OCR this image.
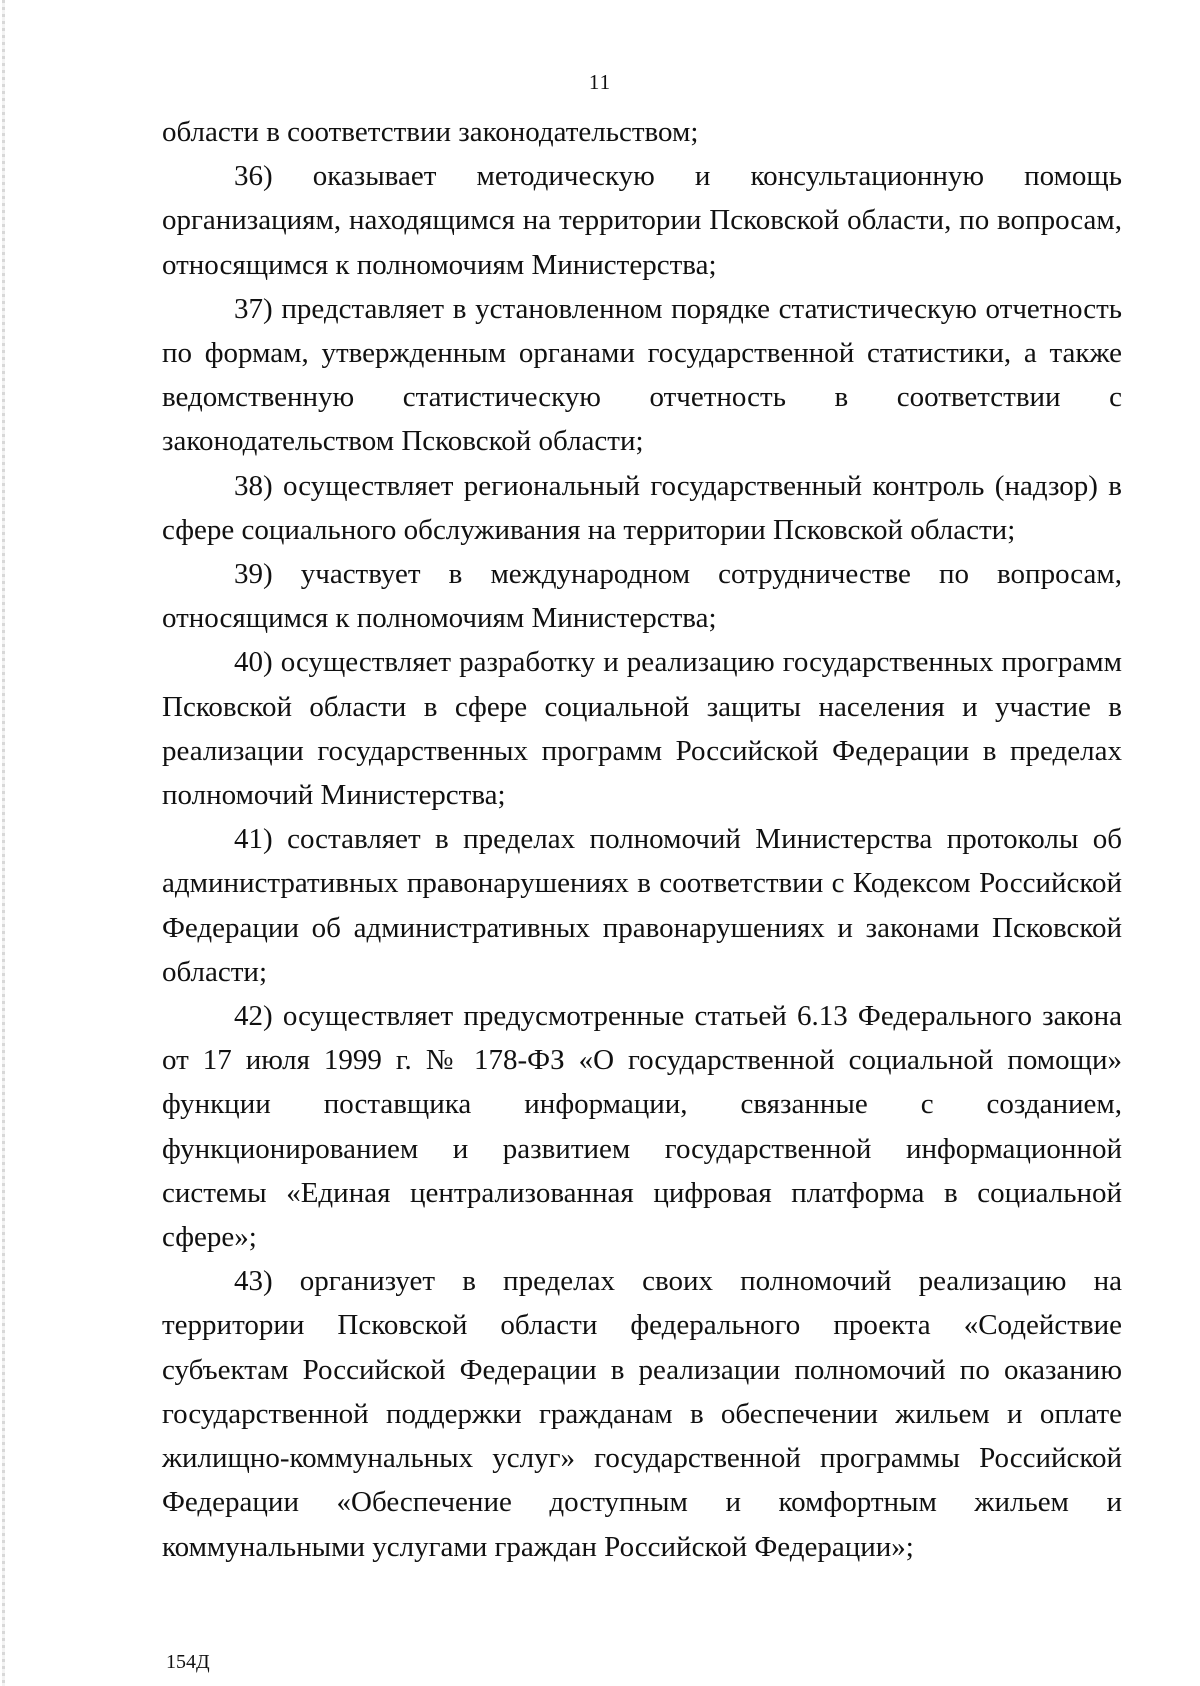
11

области в соответствии законодательством;

36) оказывает методическую и консультационную помощь организациям, находящимся на территории Псковской области, по вопросам, относящимся к полномочиям Министерства;

37) представляет в установленном порядке статистическую отчетность по формам, утвержденным органами государственной статистики, а также ведомственную статистическую отчетность в соответствии с законодательством Псковской области;

38) осуществляет региональный государственный контроль (надзор) в сфере социального обслуживания на территории Псковской области;

39) участвует в международном сотрудничестве по вопросам, относящимся к полномочиям Министерства;

40) осуществляет разработку и реализацию государственных программ Псковской области в сфере социальной защиты населения и участие в реализации государственных программ Российской Федерации в пределах полномочий Министерства;

41) составляет в пределах полномочий Министерства протоколы об административных правонарушениях в соответствии с Кодексом Российской Федерации об административных правонарушениях и законами Псковской области;

42) осуществляет предусмотренные статьей 6.13 Федерального закона от 17 июля 1999 г. № 178-ФЗ «О государственной социальной помощи» функции поставщика информации, связанные с созданием, функционированием и развитием государственной информационной системы «Единая централизованная цифровая платформа в социальной сфере»;

43) организует в пределах своих полномочий реализацию на территории Псковской области федерального проекта «Содействие субъектам Российской Федерации в реализации полномочий по оказанию государственной поддержки гражданам в обеспечении жильем и оплате жилищно-коммунальных услуг» государственной программы Российской Федерации «Обеспечение доступным и комфортным жильем и коммунальными услугами граждан Российской Федерации»;

154Д
